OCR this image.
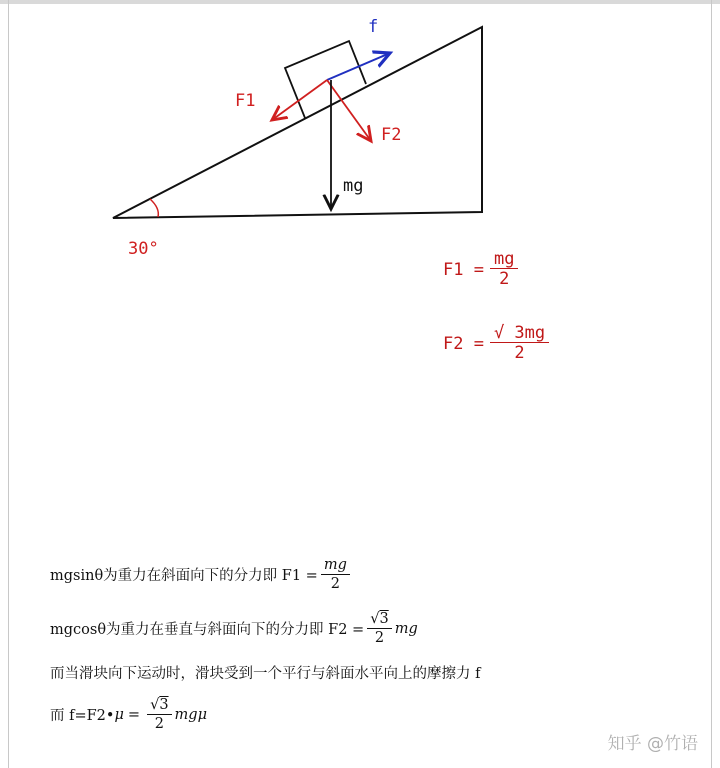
f
F1
F2
mg
30°
$F1 = \frac{mg}{2}$
$F2 = \frac{√ 3mg}{2}$
mgsinθ为重力在斜面向下的分力即 $F1 = \frac{mg}{2}$
mgcosθ为重力在垂直与斜面向下的分力即 $F2 = \frac{√3}{2}$ mg
而当滑块向下运动时，滑块受到一个平行与斜面水平向上的摩擦力 f
而 f=F2• $\mu = \frac{√3}{2}$ mgμ
知乎 @竹语
